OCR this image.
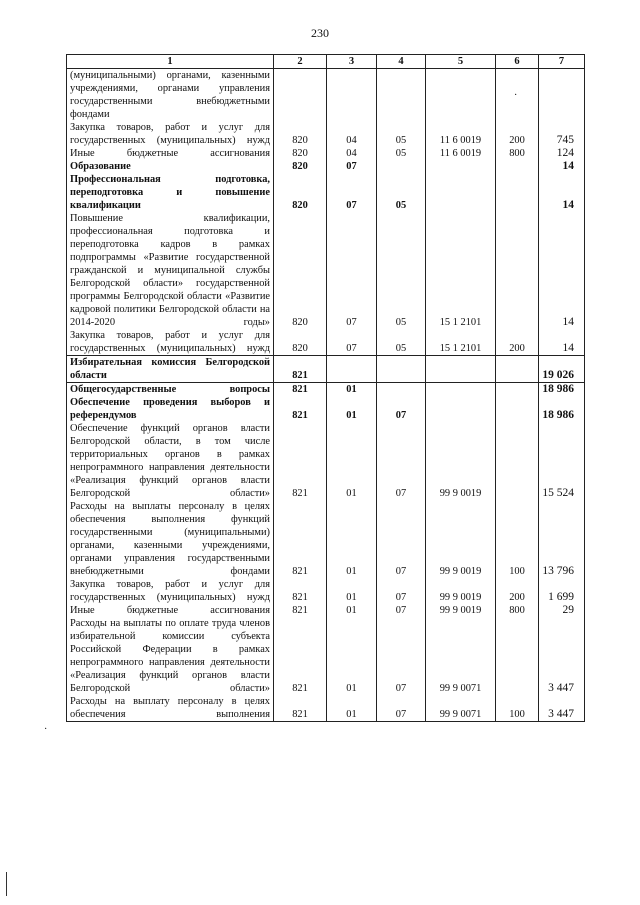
230
1	2	3	4	5	6	7
(муниципальными) органами, казенными учреждениями, органами управления государственными внебюджетными фондами						
Закупка товаров, работ и услуг для государственных (муниципальных) нужд	820	04	05	11 6 0019	200	745
Иные бюджетные ассигнования	820	04	05	11 6 0019	800	124
Образование	820	07				14
Профессиональная подготовка, переподготовка и повышение квалификации	820	07	05			14
Повышение квалификации, профессиональная подготовка и переподготовка кадров в рамках подпрограммы «Развитие государственной гражданской и муниципальной службы Белгородской области» государственной программы Белгородской области «Развитие кадровой политики Белгородской области на 2014-2020 годы»	820	07	05	15 1 2101		14
Закупка товаров, работ и услуг для государственных (муниципальных) нужд	820	07	05	15 1 2101	200	14
Избирательная комиссия Белгородской области	821					19 026
Общегосударственные вопросы	821	01				18 986
Обеспечение проведения выборов и референдумов	821	01	07			18 986
Обеспечение функций органов власти Белгородской области, в том числе территориальных органов в рамках непрограммного направления деятельности «Реализация функций органов власти Белгородской области»	821	01	07	99 9 0019		15 524
Расходы на выплаты персоналу в целях обеспечения выполнения функций государственными (муниципальными) органами, казенными учреждениями, органами управления государственными внебюджетными фондами	821	01	07	99 9 0019	100	13 796
Закупка товаров, работ и услуг для государственных (муниципальных) нужд	821	01	07	99 9 0019	200	1 699
Иные бюджетные ассигнования	821	01	07	99 9 0019	800	29
Расходы на выплаты по оплате труда членов избирательной комиссии субъекта Российской Федерации в рамках непрограммного направления деятельности «Реализация функций органов власти Белгородской области»	821	01	07	99 9 0071		3 447
Расходы на выплату персоналу в целях обеспечения выполнения	821	01	07	99 9 0071	100	3 447
·
·
